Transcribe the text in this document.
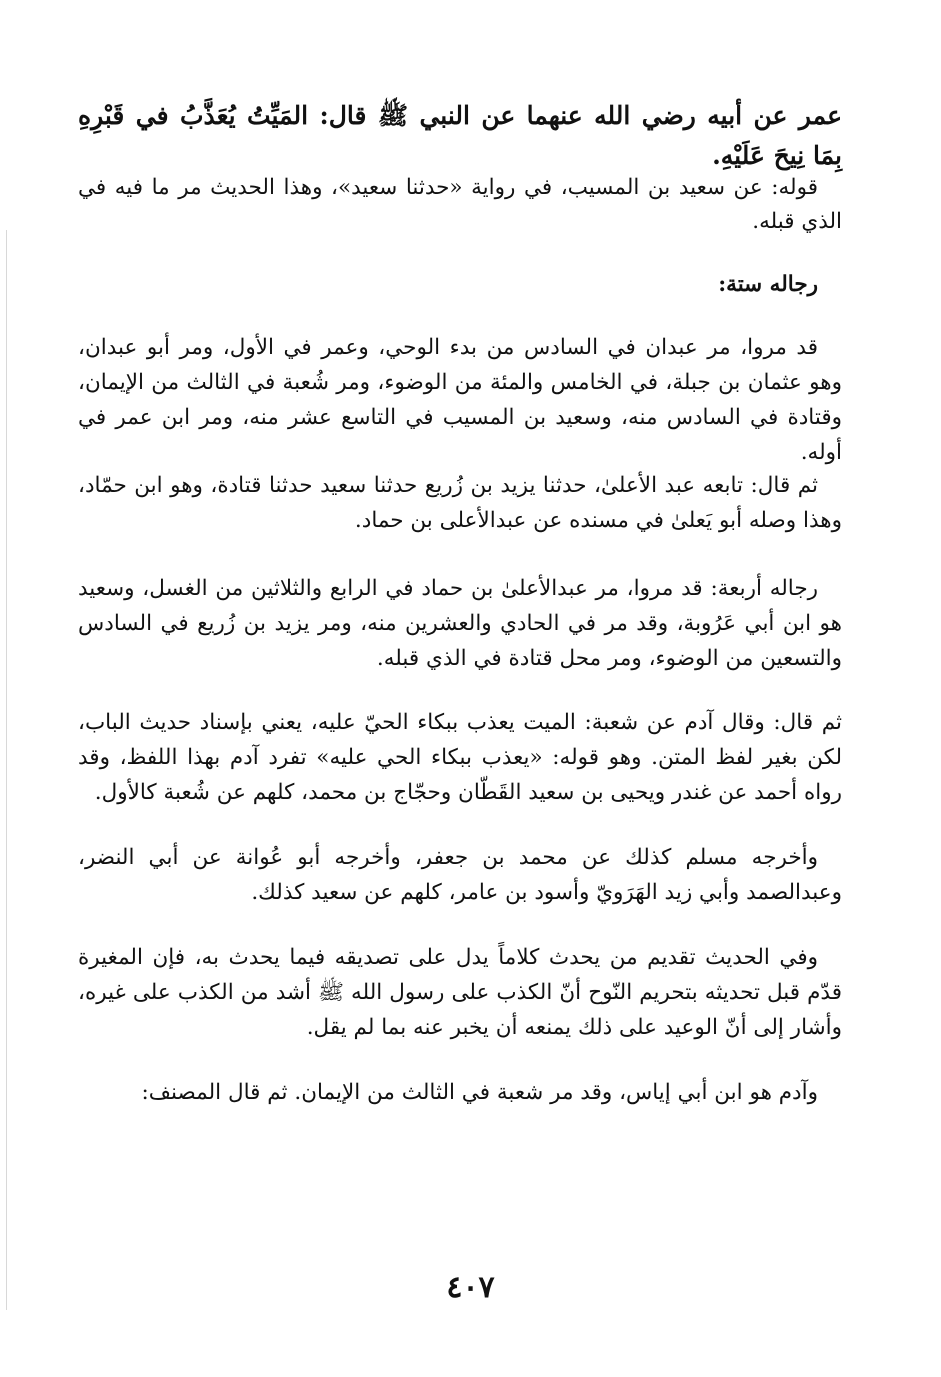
عمر عن أبيه رضي الله عنهما عن النبي ﷺ قال: المَيِّتُ يُعَذَّبُ في قَبْرِهِ بِمَا نِيحَ عَلَيْهِ.
قوله: عن سعيد بن المسيب، في رواية «حدثنا سعيد»، وهذا الحديث مر ما فيه في الذي قبله.
رجاله ستة:
قد مروا، مر عبدان في السادس من بدء الوحي، وعمر في الأول، ومر أبو عبدان، وهو عثمان بن جبلة، في الخامس والمئة من الوضوء، ومر شُعبة في الثالث من الإيمان، وقتادة في السادس منه، وسعيد بن المسيب في التاسع عشر منه، ومر ابن عمر في أوله.
ثم قال: تابعه عبد الأعلىٰ، حدثنا يزيد بن زُريع حدثنا سعيد حدثنا قتادة، وهو ابن حمّاد، وهذا وصله أبو يَعلىٰ في مسنده عن عبدالأعلى بن حماد.
رجاله أربعة: قد مروا، مر عبدالأعلىٰ بن حماد في الرابع والثلاثين من الغسل، وسعيد هو ابن أبي عَرُوبة، وقد مر في الحادي والعشرين منه، ومر يزيد بن زُريع في السادس والتسعين من الوضوء، ومر محل قتادة في الذي قبله.
ثم قال: وقال آدم عن شعبة: الميت يعذب ببكاء الحيّ عليه، يعني بإسناد حديث الباب، لكن بغير لفظ المتن. وهو قوله: «يعذب ببكاء الحي عليه» تفرد آدم بهذا اللفظ، وقد رواه أحمد عن غندر ويحيى بن سعيد القَطّان وحجّاج بن محمد، كلهم عن شُعبة كالأول.
وأخرجه مسلم كذلك عن محمد بن جعفر، وأخرجه أبو عُوانة عن أبي النضر، وعبدالصمد وأبي زيد الهَرَويّ وأسود بن عامر، كلهم عن سعيد كذلك.
وفي الحديث تقديم من يحدث كلاماً يدل على تصديقه فيما يحدث به، فإن المغيرة قدّم قبل تحديثه بتحريم النّوح أنّ الكذب على رسول الله ﷺ أشد من الكذب على غيره، وأشار إلى أنّ الوعيد على ذلك يمنعه أن يخبر عنه بما لم يقل.
وآدم هو ابن أبي إياس، وقد مر شعبة في الثالث من الإيمان. ثم قال المصنف:
٤٠٧
